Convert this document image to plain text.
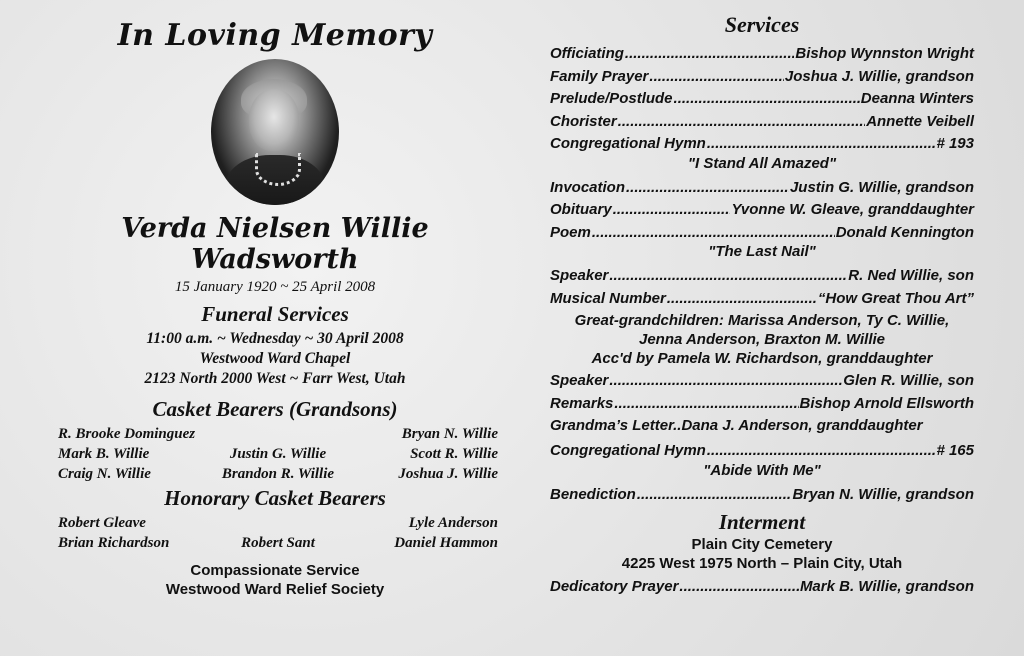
In Loving Memory
Verda Nielsen Willie Wadsworth
15 January 1920 ~ 25 April 2008
Funeral Services
11:00 a.m. ~ Wednesday ~ 30 April 2008
Westwood Ward Chapel
2123 North 2000 West ~ Farr West, Utah
Casket Bearers (Grandsons)
R. Brooke Dominguez	Bryan N. Willie
Mark B. Willie	Justin G. Willie	Scott R. Willie
Craig N. Willie	Brandon R. Willie	Joshua J. Willie
Honorary Casket Bearers
Robert Gleave	Lyle Anderson
Brian Richardson	Robert Sant	Daniel Hammon
Compassionate Service
Westwood Ward Relief Society
Services
Officiating .....	Bishop Wynnston Wright
Family Prayer .....	Joshua J. Willie, grandson
Prelude/Postlude .....	Deanna Winters
Chorister .....	Annette Veibell
Congregational Hymn .....	# 193
"I Stand All Amazed"
Invocation .....	Justin G. Willie, grandson
Obituary .....	Yvonne W. Gleave, granddaughter
Poem .....	Donald Kennington
"The Last Nail"
Speaker .....	R. Ned Willie, son
Musical Number .....	“How Great Thou Art”
Great-grandchildren: Marissa Anderson, Ty C. Willie,
Jenna Anderson, Braxton M. Willie
Acc'd by Pamela W. Richardson, granddaughter
Speaker .....	Glen R. Willie, son
Remarks .....	Bishop Arnold Ellsworth
Grandma’s Letter..Dana J. Anderson, granddaughter
Congregational Hymn .....	# 165
"Abide With Me"
Benediction .....	Bryan N. Willie, grandson
Interment
Plain City Cemetery
4225 West 1975 North – Plain City, Utah
Dedicatory Prayer .....	Mark B. Willie, grandson
